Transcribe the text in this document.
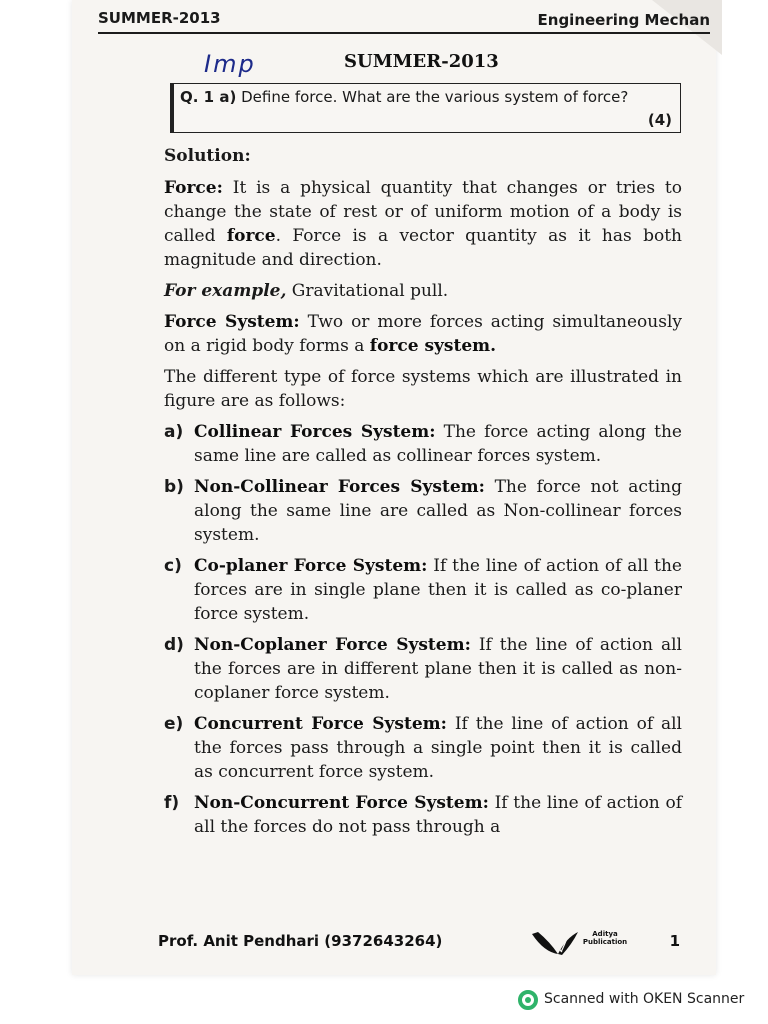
SUMMER-2013	Engineering Mechan
Imp	SUMMER-2013
Q. 1 a) Define force. What are the various system of force?
(4)

Solution:

Force: It is a physical quantity that changes or tries to change the state of rest or of uniform motion of a body is called force. Force is a vector quantity as it has both magnitude and direction.

For example, Gravitational pull.

Force System: Two or more forces acting simultaneously on a rigid body forms a force system.

The different type of force systems which are illustrated in figure are as follows:

a) Collinear Forces System: The force acting along the same line are called as collinear forces system.
b) Non-Collinear Forces System: The force not acting along the same line are called as Non-collinear forces system.
c) Co-planer Force System: If the line of action of all the forces are in single plane then it is called as co-planer force system.
d) Non-Coplaner Force System: If the line of action all the forces are in different plane then it is called as non-coplaner force system.
e) Concurrent Force System: If the line of action of all the forces pass through a single point then it is called as concurrent force system.
f) Non-Concurrent Force System: If the line of action of all the forces do not pass through a
Prof. Anit Pendhari (9372643264)	Aditya Publication	1
Scanned with OKEN Scanner
